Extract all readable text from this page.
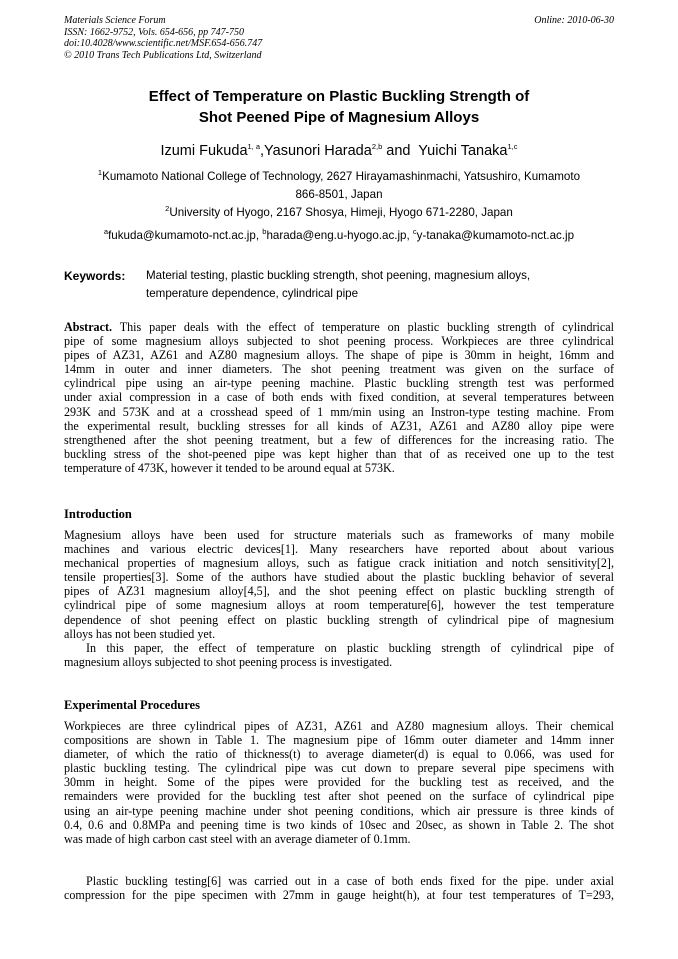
Materials Science Forum
ISSN: 1662-9752, Vols. 654-656, pp 747-750
doi:10.4028/www.scientific.net/MSF.654-656.747
© 2010 Trans Tech Publications Ltd, Switzerland
Online: 2010-06-30
Effect of Temperature on Plastic Buckling Strength of
Shot Peened Pipe of Magnesium Alloys
Izumi Fukuda$^{1, a}$,Yasunori Harada$^{2,b}$ and  Yuichi Tanaka$^{1,c}$
$^1$Kumamoto National College of Technology, 2627 Hirayamashinmachi, Yatsushiro, Kumamoto
866-8501, Japan
$^2$University of Hyogo, 2167 Shosya, Himeji, Hyogo 671-2280, Japan
$^a$fukuda@kumamoto-nct.ac.jp, $^b$harada@eng.u-hyogo.ac.jp, $^c$y-tanaka@kumamoto-nct.ac.jp
Keywords: Material testing, plastic buckling strength, shot peening, magnesium alloys,
temperature dependence, cylindrical pipe
Abstract. This paper deals with the effect of temperature on plastic buckling strength of cylindrical
pipe of some magnesium alloys subjected to shot peening process. Workpieces are three cylindrical
pipes of AZ31, AZ61 and AZ80 magnesium alloys. The shape of pipe is 30mm in height, 16mm and
14mm in outer and inner diameters. The shot peening treatment was given on the surface of
cylindrical pipe using an air-type peening machine. Plastic buckling strength test was performed
under axial compression in a case of both ends with fixed condition, at several temperatures between
293K and 573K and at a crosshead speed of 1 mm/min using an Instron-type testing machine. From
the experimental result, buckling stresses for all kinds of AZ31, AZ61 and AZ80 alloy pipe were
strengthened after the shot peening treatment, but a few of differences for the increasing ratio. The
buckling stress of the shot-peened pipe was kept higher than that of as received one up to the test
temperature of 473K, however it tended to be around equal at 573K.
Introduction
Magnesium alloys have been used for structure materials such as frameworks of many mobile
machines and various electric devices[1]. Many researchers have reported about about various
mechanical properties of magnesium alloys, such as fatigue crack initiation and notch sensitivity[2],
tensile properties[3]. Some of the authors have studied about the plastic buckling behavior of several
pipes of AZ31 magnesium alloy[4,5], and the shot peening effect on plastic buckling strength of
cylindrical pipe of some magnesium alloys at room temperature[6], however the test temperature
dependence of shot peening effect on plastic buckling strength of cylindrical pipe of magnesium
alloys has not been studied yet.
In this paper, the effect of temperature on plastic buckling strength of cylindrical pipe of
magnesium alloys subjected to shot peening process is investigated.
Experimental Procedures
Workpieces are three cylindrical pipes of AZ31, AZ61 and AZ80 magnesium alloys. Their chemical
compositions are shown in Table 1. The magnesium pipe of 16mm outer diameter and 14mm inner
diameter, of which the ratio of thickness(t) to average diameter(d) is equal to 0.066, was used for
plastic buckling testing. The cylindrical pipe was cut down to prepare several pipe specimens with
30mm in height. Some of the pipes were provided for the buckling test as received, and the
remainders were provided for the buckling test after shot peened on the surface of cylindrical pipe
using an air-type peening machine under shot peening conditions, which air pressure is three kinds of
0.4, 0.6 and 0.8MPa and peening time is two kinds of 10sec and 20sec, as shown in Table 2. The shot
was made of high carbon cast steel with an average diameter of 0.1mm.
Plastic buckling testing[6] was carried out in a case of both ends fixed for the pipe. under axial
compression for the pipe specimen with 27mm in gauge height(h), at four test temperatures of T=293,
